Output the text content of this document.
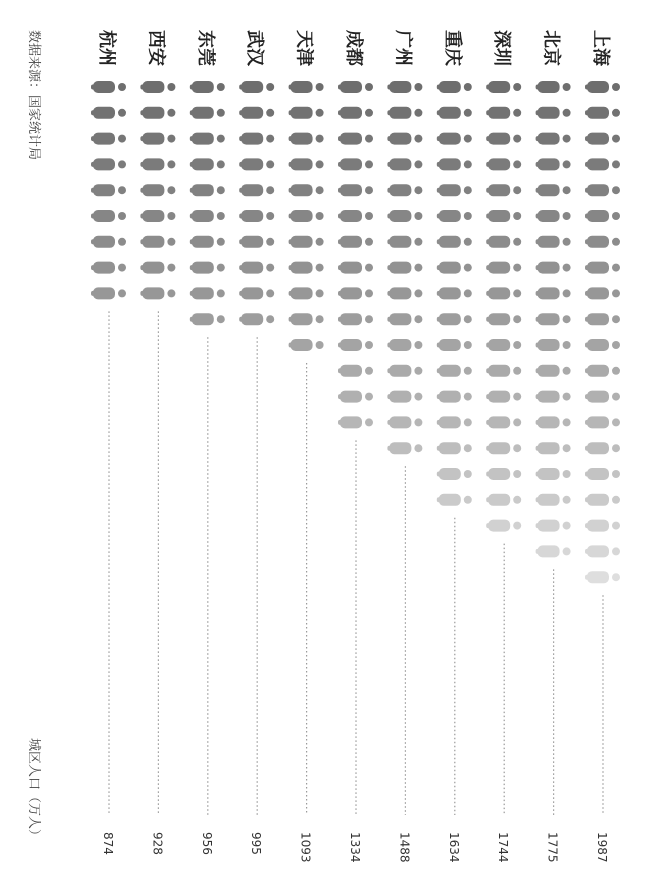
上海
北京
深圳
重庆
广州
成都
天津
武汉
东莞
西安
杭州
1987
1775
1744
1634
1488
1334
1093
995
956
928
874
数据来源：国家统计局
城区人口（万人）
